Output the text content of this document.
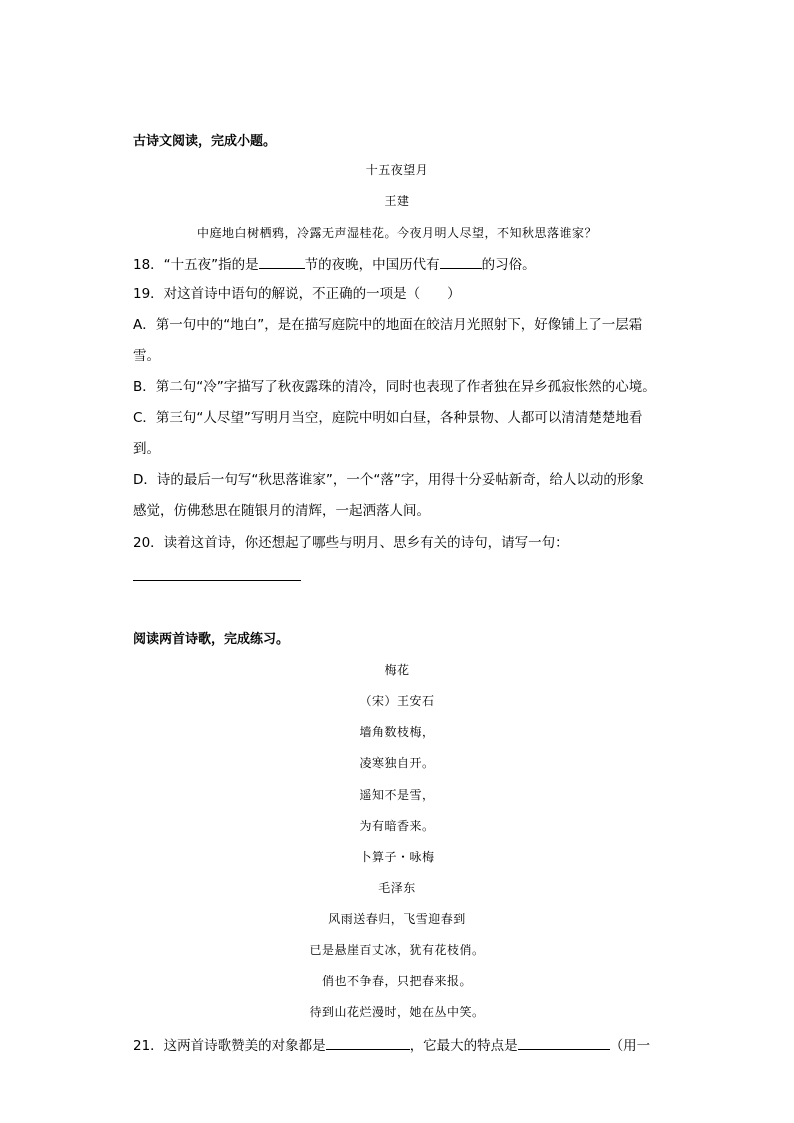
古诗文阅读，完成小题。
十五夜望月
王建
中庭地白树栖鸦，冷露无声湿桂花。今夜月明人尽望，不知秋思落谁家？
18．“十五夜”指的是	节的夜晚，中国历代有	的习俗。
19．对这首诗中语句的解说，不正确的一项是（　　）
A．第一句中的“地白”，是在描写庭院中的地面在皎洁月光照射下，好像铺上了一层霜
雪。
B．第二句“冷”字描写了秋夜露珠的清冷，同时也表现了作者独在异乡孤寂怅然的心境。
C．第三句“人尽望”写明月当空，庭院中明如白昼，各种景物、人都可以清清楚楚地看
到。
D．诗的最后一句写“秋思落谁家”，一个“落”字，用得十分妥帖新奇，给人以动的形象
感觉，仿佛愁思在随银月的清辉，一起洒落人间。
20．读着这首诗，你还想起了哪些与明月、思乡有关的诗句，请写一句：
阅读两首诗歌，完成练习。
梅花
（宋）王安石
墙角数枝梅，
凌寒独自开。
遥知不是雪，
为有暗香来。
卜算子・咏梅
毛泽东
风雨送春归，飞雪迎春到
已是悬崖百丈冰，犹有花枝俏。
俏也不争春，只把春来报。
待到山花烂漫时，她在丛中笑。
21．这两首诗歌赞美的对象都是	，它最大的特点是	（用一
